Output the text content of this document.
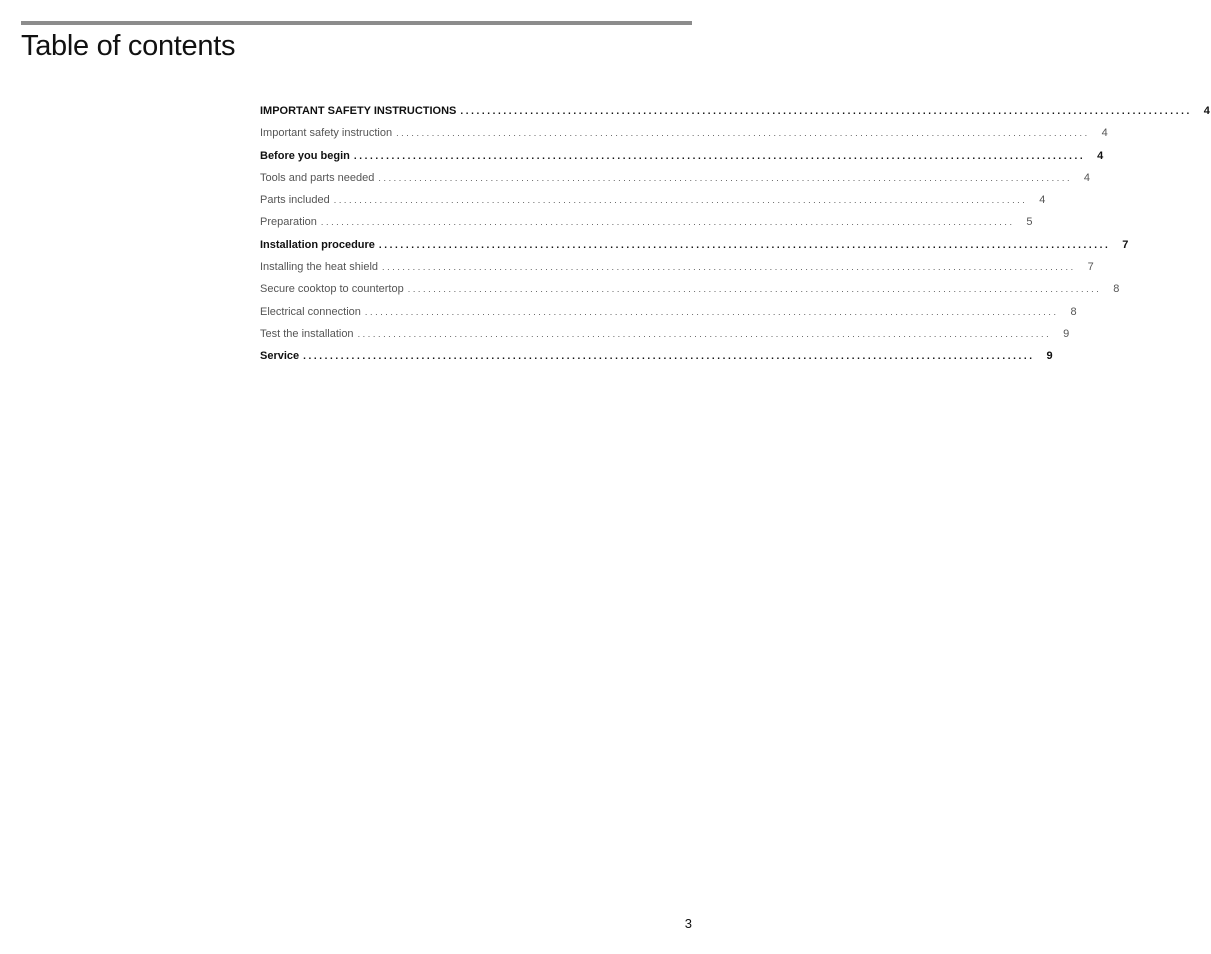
Table of contents
IMPORTANT SAFETY INSTRUCTIONS ........................................................................................................................................	4
Important safety instruction ........................................................................................................................................	4
Before you begin ........................................................................................................................................	4
Tools and parts needed ........................................................................................................................................	4
Parts included ........................................................................................................................................	4
Preparation ........................................................................................................................................	5
Installation procedure ........................................................................................................................................	7
Installing the heat shield ........................................................................................................................................	7
Secure cooktop to countertop ........................................................................................................................................	8
Electrical connection ........................................................................................................................................	8
Test the installation ........................................................................................................................................	9
Service ........................................................................................................................................	9
3
